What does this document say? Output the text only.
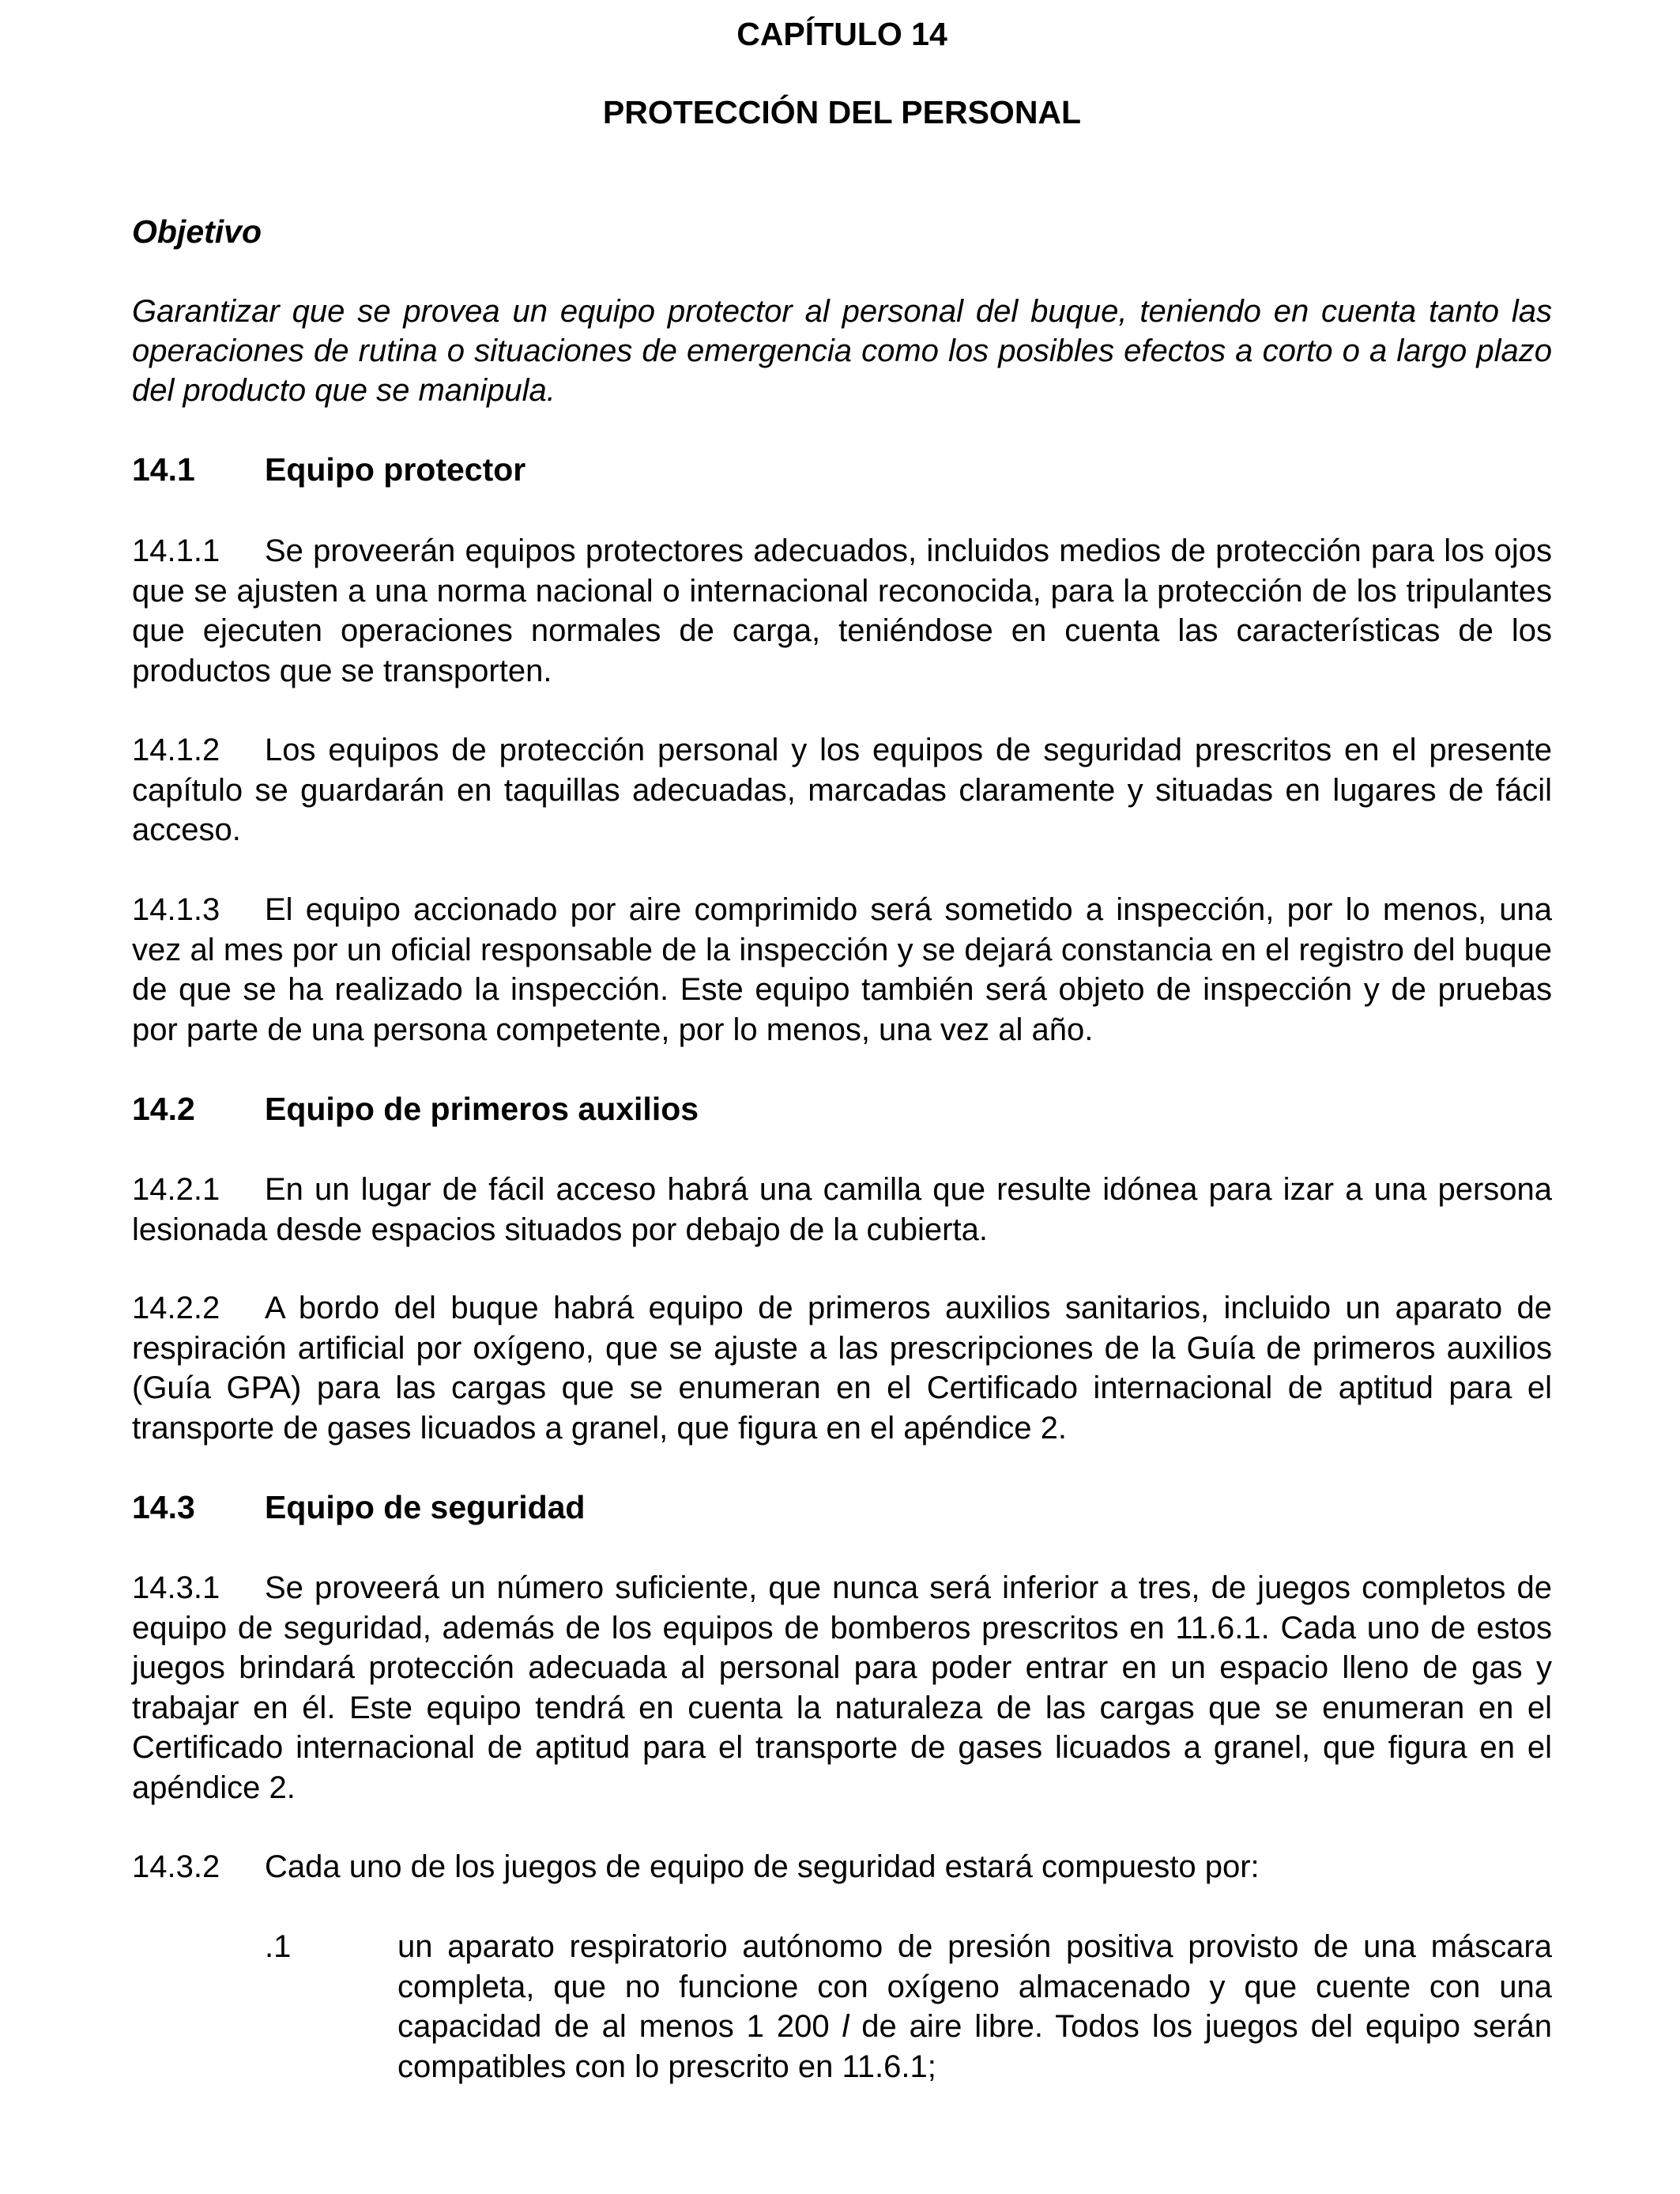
CAPÍTULO 14
PROTECCIÓN DEL PERSONAL

Objetivo

Garantizar que se provea un equipo protector al personal del buque, teniendo en cuenta tanto las operaciones de rutina o situaciones de emergencia como los posibles efectos a corto o a largo plazo del producto que se manipula.

14.1 Equipo protector

14.1.1 Se proveerán equipos protectores adecuados, incluidos medios de protección para los ojos que se ajusten a una norma nacional o internacional reconocida, para la protección de los tripulantes que ejecuten operaciones normales de carga, teniéndose en cuenta las características de los productos que se transporten.

14.1.2 Los equipos de protección personal y los equipos de seguridad prescritos en el presente capítulo se guardarán en taquillas adecuadas, marcadas claramente y situadas en lugares de fácil acceso.

14.1.3 El equipo accionado por aire comprimido será sometido a inspección, por lo menos, una vez al mes por un oficial responsable de la inspección y se dejará constancia en el registro del buque de que se ha realizado la inspección. Este equipo también será objeto de inspección y de pruebas por parte de una persona competente, por lo menos, una vez al año.

14.2 Equipo de primeros auxilios

14.2.1 En un lugar de fácil acceso habrá una camilla que resulte idónea para izar a una persona lesionada desde espacios situados por debajo de la cubierta.

14.2.2 A bordo del buque habrá equipo de primeros auxilios sanitarios, incluido un aparato de respiración artificial por oxígeno, que se ajuste a las prescripciones de la Guía de primeros auxilios (Guía GPA) para las cargas que se enumeran en el Certificado internacional de aptitud para el transporte de gases licuados a granel, que figura en el apéndice 2.

14.3 Equipo de seguridad

14.3.1 Se proveerá un número suficiente, que nunca será inferior a tres, de juegos completos de equipo de seguridad, además de los equipos de bomberos prescritos en 11.6.1. Cada uno de estos juegos brindará protección adecuada al personal para poder entrar en un espacio lleno de gas y trabajar en él. Este equipo tendrá en cuenta la naturaleza de las cargas que se enumeran en el Certificado internacional de aptitud para el transporte de gases licuados a granel, que figura en el apéndice 2.

14.3.2 Cada uno de los juegos de equipo de seguridad estará compuesto por:

.1	un aparato respiratorio autónomo de presión positiva provisto de una máscara completa, que no funcione con oxígeno almacenado y que cuente con una capacidad de al menos 1 200 l de aire libre. Todos los juegos del equipo serán compatibles con lo prescrito en 11.6.1;
